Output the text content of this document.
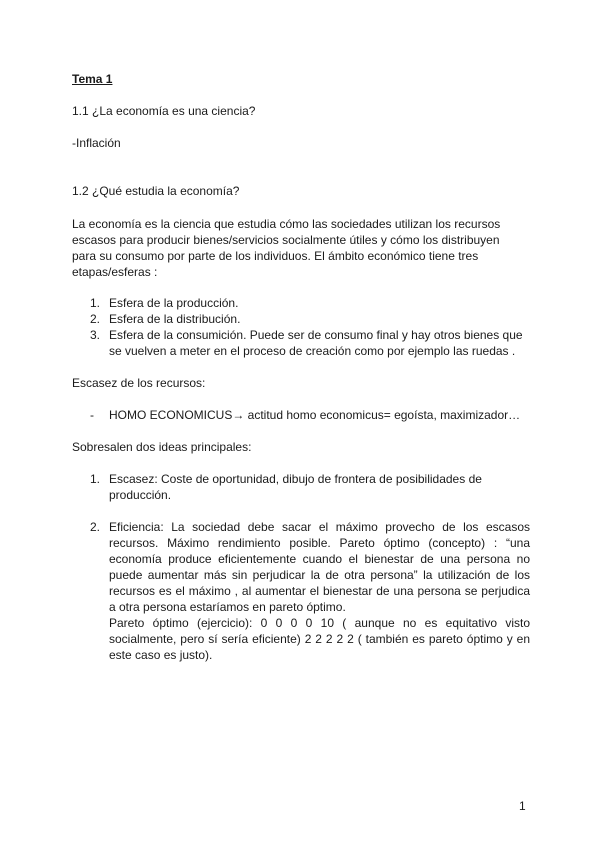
Tema 1
1.1 ¿La economía es una ciencia?
-Inflación
1.2 ¿Qué estudia la economía?
La economía es la ciencia que estudia cómo las sociedades utilizan los recursos
escasos para producir bienes/servicios socialmente útiles y cómo los distribuyen
para su consumo por parte de los individuos. El ámbito económico tiene tres
etapas/esferas :
1. Esfera de la producción.
2. Esfera de la distribución.
3. Esfera de la consumición. Puede ser de consumo final y hay otros bienes que se vuelven a meter en el proceso de creación como por ejemplo las ruedas .
Escasez de los recursos:
- HOMO ECONOMICUS→ actitud homo economicus= egoísta, maximizador…
Sobresalen dos ideas principales:
1. Escasez: Coste de oportunidad, dibujo de frontera de posibilidades de producción.
2. Eficiencia: La sociedad debe sacar el máximo provecho de los escasos recursos. Máximo rendimiento posible. Pareto óptimo (concepto) : “una economía produce eficientemente cuando el bienestar de una persona no puede aumentar más sin perjudicar la de otra persona” la utilización de los recursos es el máximo , al aumentar el bienestar de una persona se perjudica a otra persona estaríamos en pareto óptimo.
Pareto óptimo (ejercicio): 0 0 0 0 10 ( aunque no es equitativo visto socialmente, pero sí sería eficiente) 2 2 2 2 2 ( también es pareto óptimo y en este caso es justo).
1
